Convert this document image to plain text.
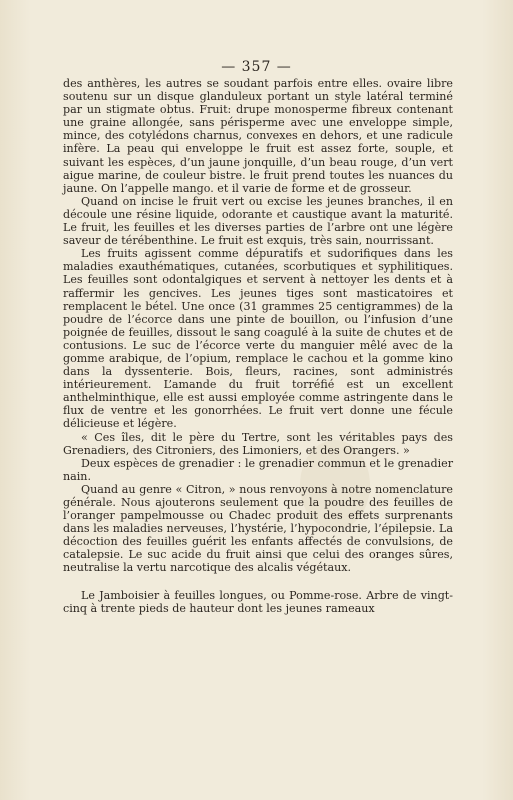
— 357 —

des anthères, les autres se soudant parfois entre elles. ovaire libre soutenu sur un disque glanduleux portant un style latéral terminé par un stigmate obtus. Fruit: drupe monosperme fibreux contenant une graine allongée, sans périsperme avec une enveloppe simple, mince, des cotylédons charnus, convexes en dehors, et une radicule infère. La peau qui enveloppe le fruit est assez forte, souple, et suivant les espèces, d’un jaune jonquille, d’un beau rouge, d’un vert aigue marine, de couleur bistre. le fruit prend toutes les nuances du jaune. On l’appelle mango. et il varie de forme et de grosseur.

Quand on incise le fruit vert ou excise les jeunes branches, il en découle une résine liquide, odorante et caustique avant la maturité. Le fruit, les feuilles et les diverses parties de l’arbre ont une légère saveur de térébenthine. Le fruit est exquis, très sain, nourrissant.

Les fruits agissent comme dépuratifs et sudorifiques dans les maladies exauthématiques, cutanées, scorbutiques et syphilitiques. Les feuilles sont odontalgiques et servent à nettoyer les dents et à raffermir les gencives. Les jeunes tiges sont masticatoires et remplacent le bétel. Une once (31 grammes 25 centigrammes) de la poudre de l’écorce dans une pinte de bouillon, ou l’infusion d’une poignée de feuilles, dissout le sang coagulé à la suite de chutes et de contusions. Le suc de l’écorce verte du manguier mêlé avec de la gomme arabique, de l’opium, remplace le cachou et la gomme kino dans la dyssenterie. Bois, fleurs, racines, sont administrés intérieurement. L’amande du fruit torréfié est un excellent anthelminthique, elle est aussi employée comme astringente dans le flux de ventre et les gonorrhées. Le fruit vert donne une fécule délicieuse et légère.

« Ces îles, dit le père du Tertre, sont les véritables pays des Grenadiers, des Citroniers, des Limoniers, et des Orangers. »

Deux espèces de grenadier : le grenadier commun et le grenadier nain.

Quand au genre « Citron, » nous renvoyons à notre nomenclature générale. Nous ajouterons seulement que la poudre des feuilles de l’oranger pampelmousse ou Chadec produit des effets surprenants dans les maladies nerveuses, l’hystérie, l’hypocondrie, l’épilepsie. La décoction des feuilles guérit les enfants affectés de convulsions, de catalepsie. Le suc acide du fruit ainsi que celui des oranges sûres, neutralise la vertu narcotique des alcalis végétaux.

Le Jamboisier à feuilles longues, ou Pomme-rose. Arbre de vingt-cinq à trente pieds de hauteur dont les jeunes rameaux
